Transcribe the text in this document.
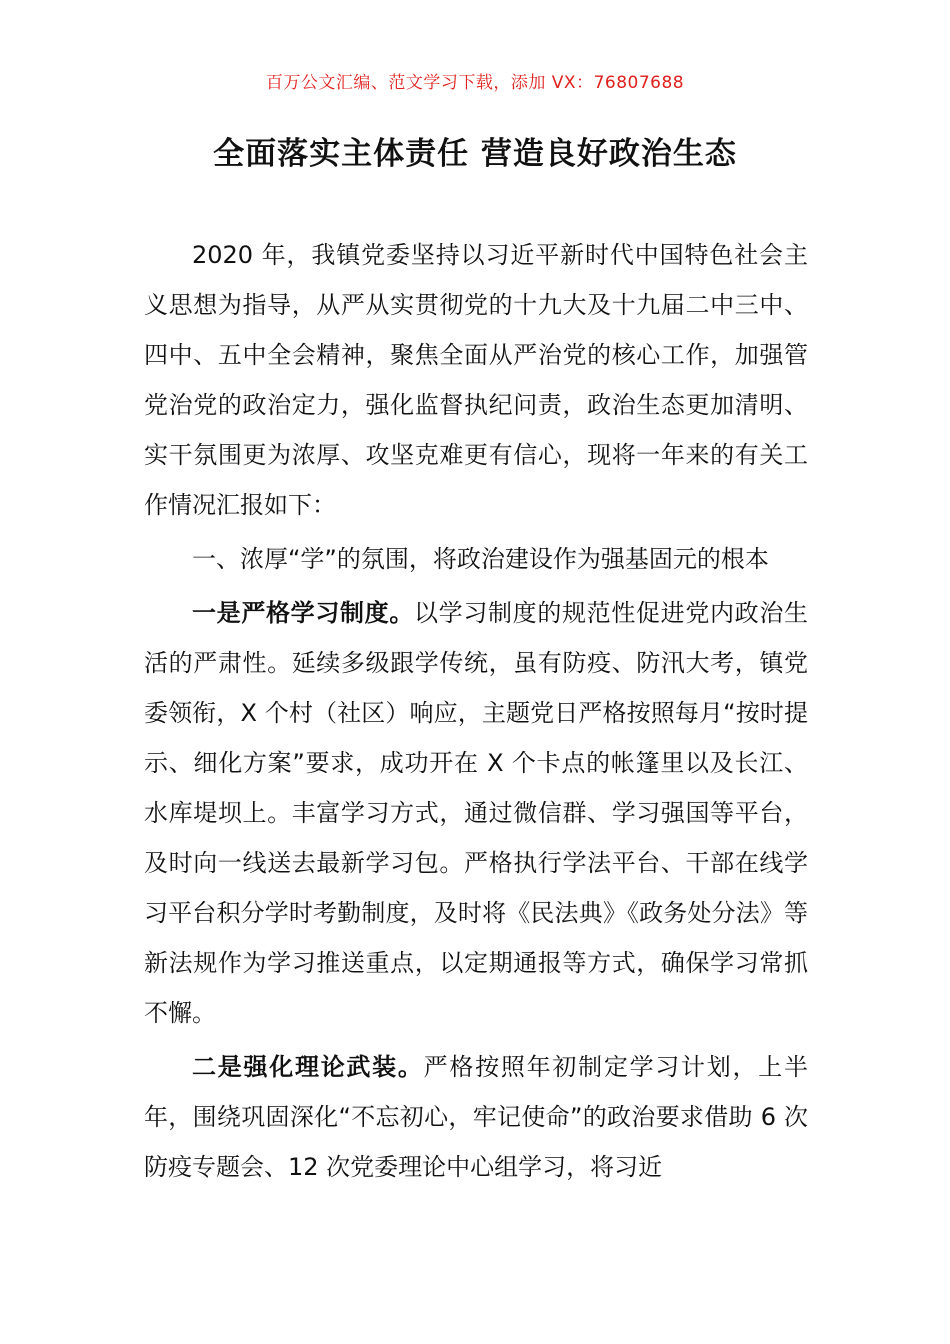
百万公文汇编、范文学习下载，添加 VX：76807688
全面落实主体责任 营造良好政治生态

2020 年，我镇党委坚持以习近平新时代中国特色社会主义思想为指导，从严从实贯彻党的十九大及十九届二中三中、四中、五中全会精神，聚焦全面从严治党的核心工作，加强管党治党的政治定力，强化监督执纪问责，政治生态更加清明、实干氛围更为浓厚、攻坚克难更有信心，现将一年来的有关工作情况汇报如下：

一、浓厚“学”的氛围，将政治建设作为强基固元的根本

一是严格学习制度。以学习制度的规范性促进党内政治生活的严肃性。延续多级跟学传统，虽有防疫、防汛大考，镇党委领衔，X 个村（社区）响应，主题党日严格按照每月“按时提示、细化方案”要求，成功开在 X 个卡点的帐篷里以及长江、水库堤坝上。丰富学习方式，通过微信群、学习强国等平台，及时向一线送去最新学习包。严格执行学法平台、干部在线学习平台积分学时考勤制度，及时将《民法典》《政务处分法》等新法规作为学习推送重点，以定期通报等方式，确保学习常抓不懈。

二是强化理论武装。严格按照年初制定学习计划，上半年，围绕巩固深化“不忘初心，牢记使命”的政治要求借助 6 次防疫专题会、12 次党委理论中心组学习，将习近
